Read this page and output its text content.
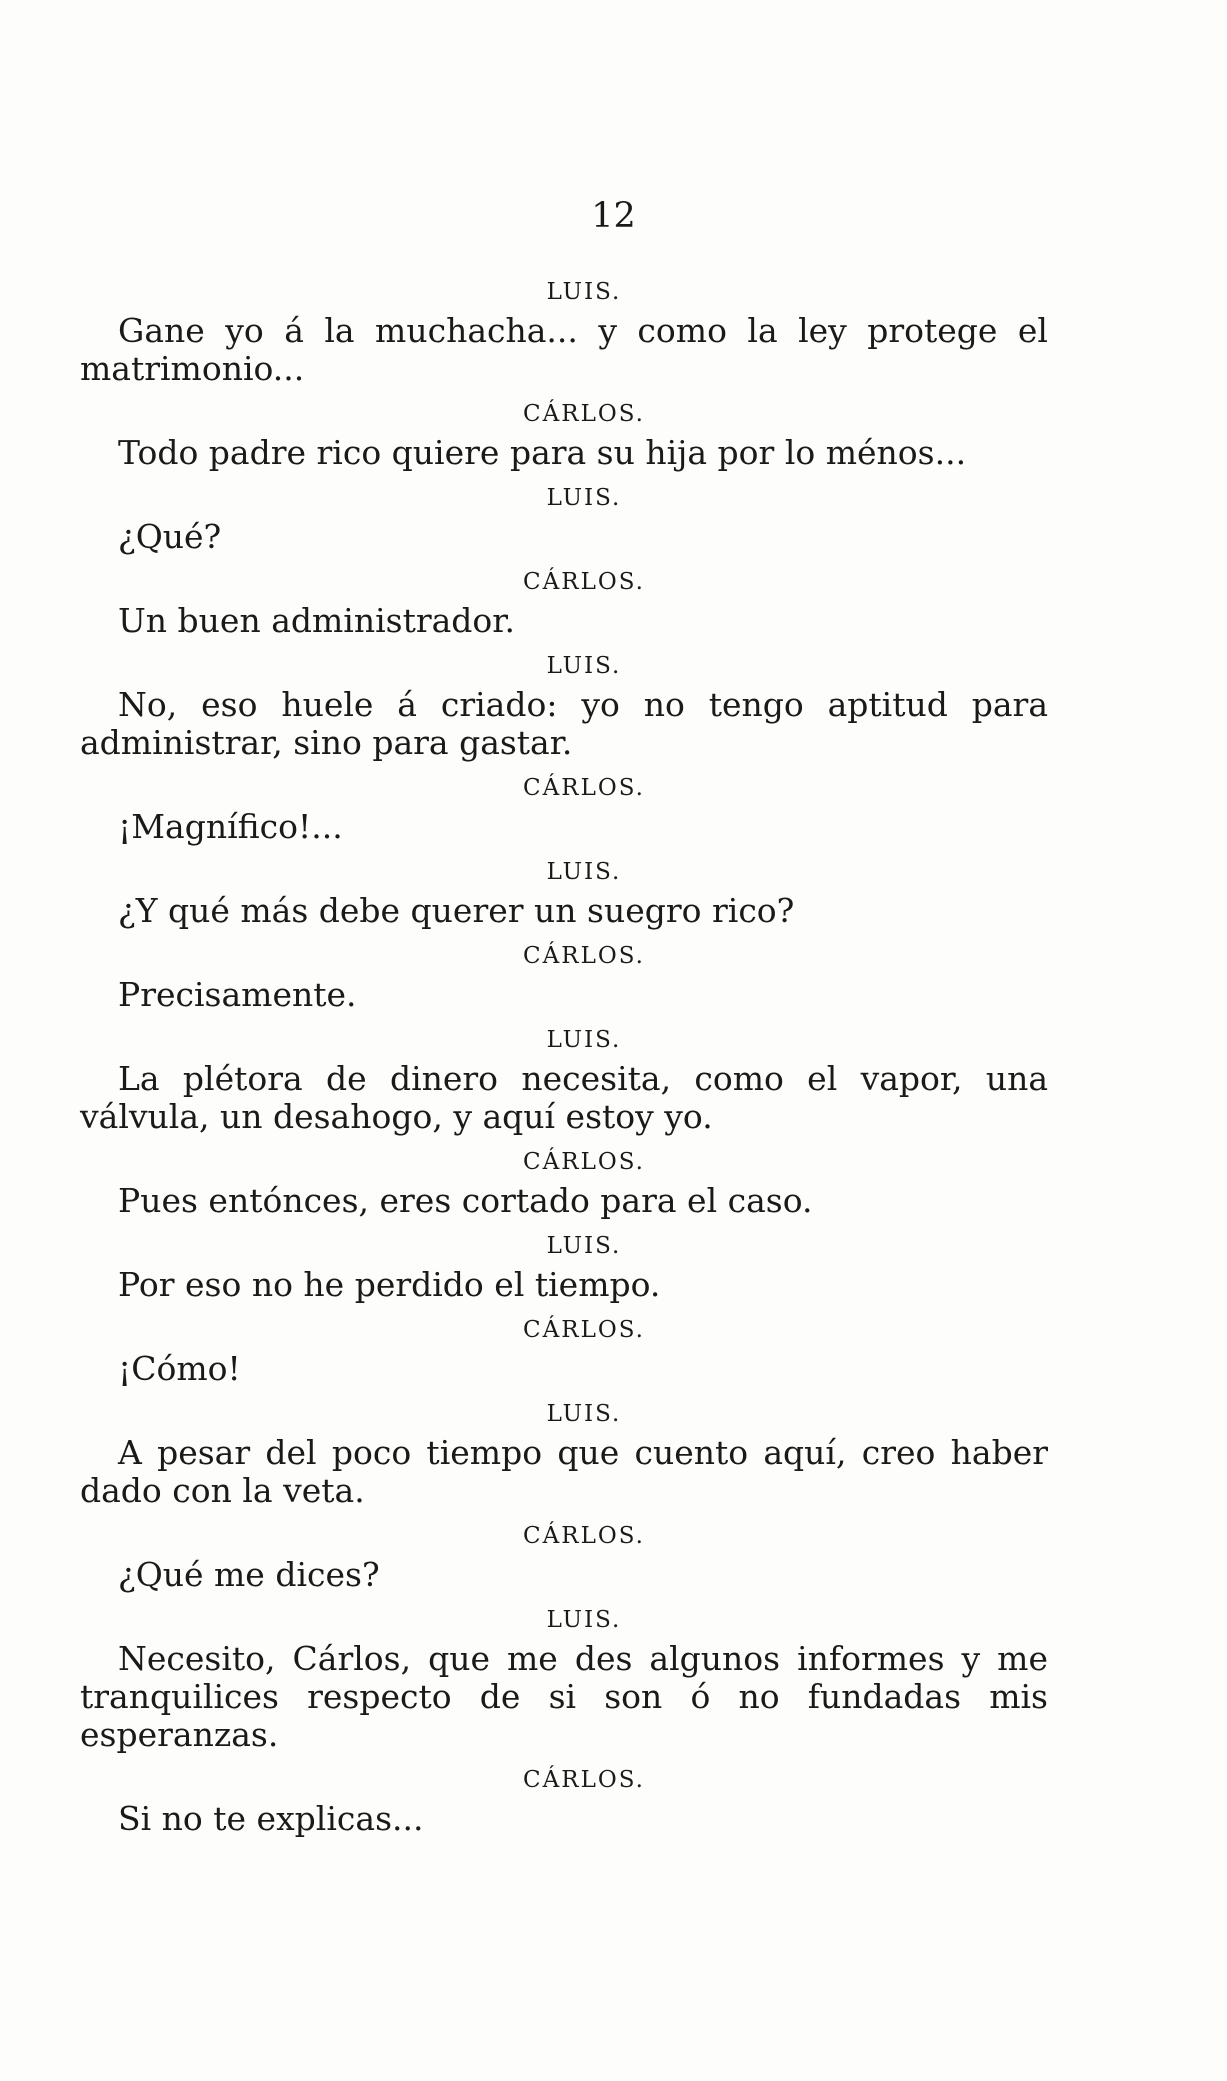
12

LUIS.

Gane yo á la muchacha... y como la ley protege el matrimonio...

CÁRLOS.

Todo padre rico quiere para su hija por lo ménos...

LUIS.

¿Qué?

CÁRLOS.

Un buen administrador.

LUIS.

No, eso huele á criado: yo no tengo aptitud para administrar, sino para gastar.

CÁRLOS.

¡Magnífico!...

LUIS.

¿Y qué más debe querer un suegro rico?

CÁRLOS.

Precisamente.

LUIS.

La plétora de dinero necesita, como el vapor, una válvula, un desahogo, y aquí estoy yo.

CÁRLOS.

Pues entónces, eres cortado para el caso.

LUIS.

Por eso no he perdido el tiempo.

CÁRLOS.

¡Cómo!

LUIS.

A pesar del poco tiempo que cuento aquí, creo haber dado con la veta.

CÁRLOS.

¿Qué me dices?

LUIS.

Necesito, Cárlos, que me des algunos informes y me tranquilices respecto de si son ó no fundadas mis esperanzas.

CÁRLOS.

Si no te explicas...
